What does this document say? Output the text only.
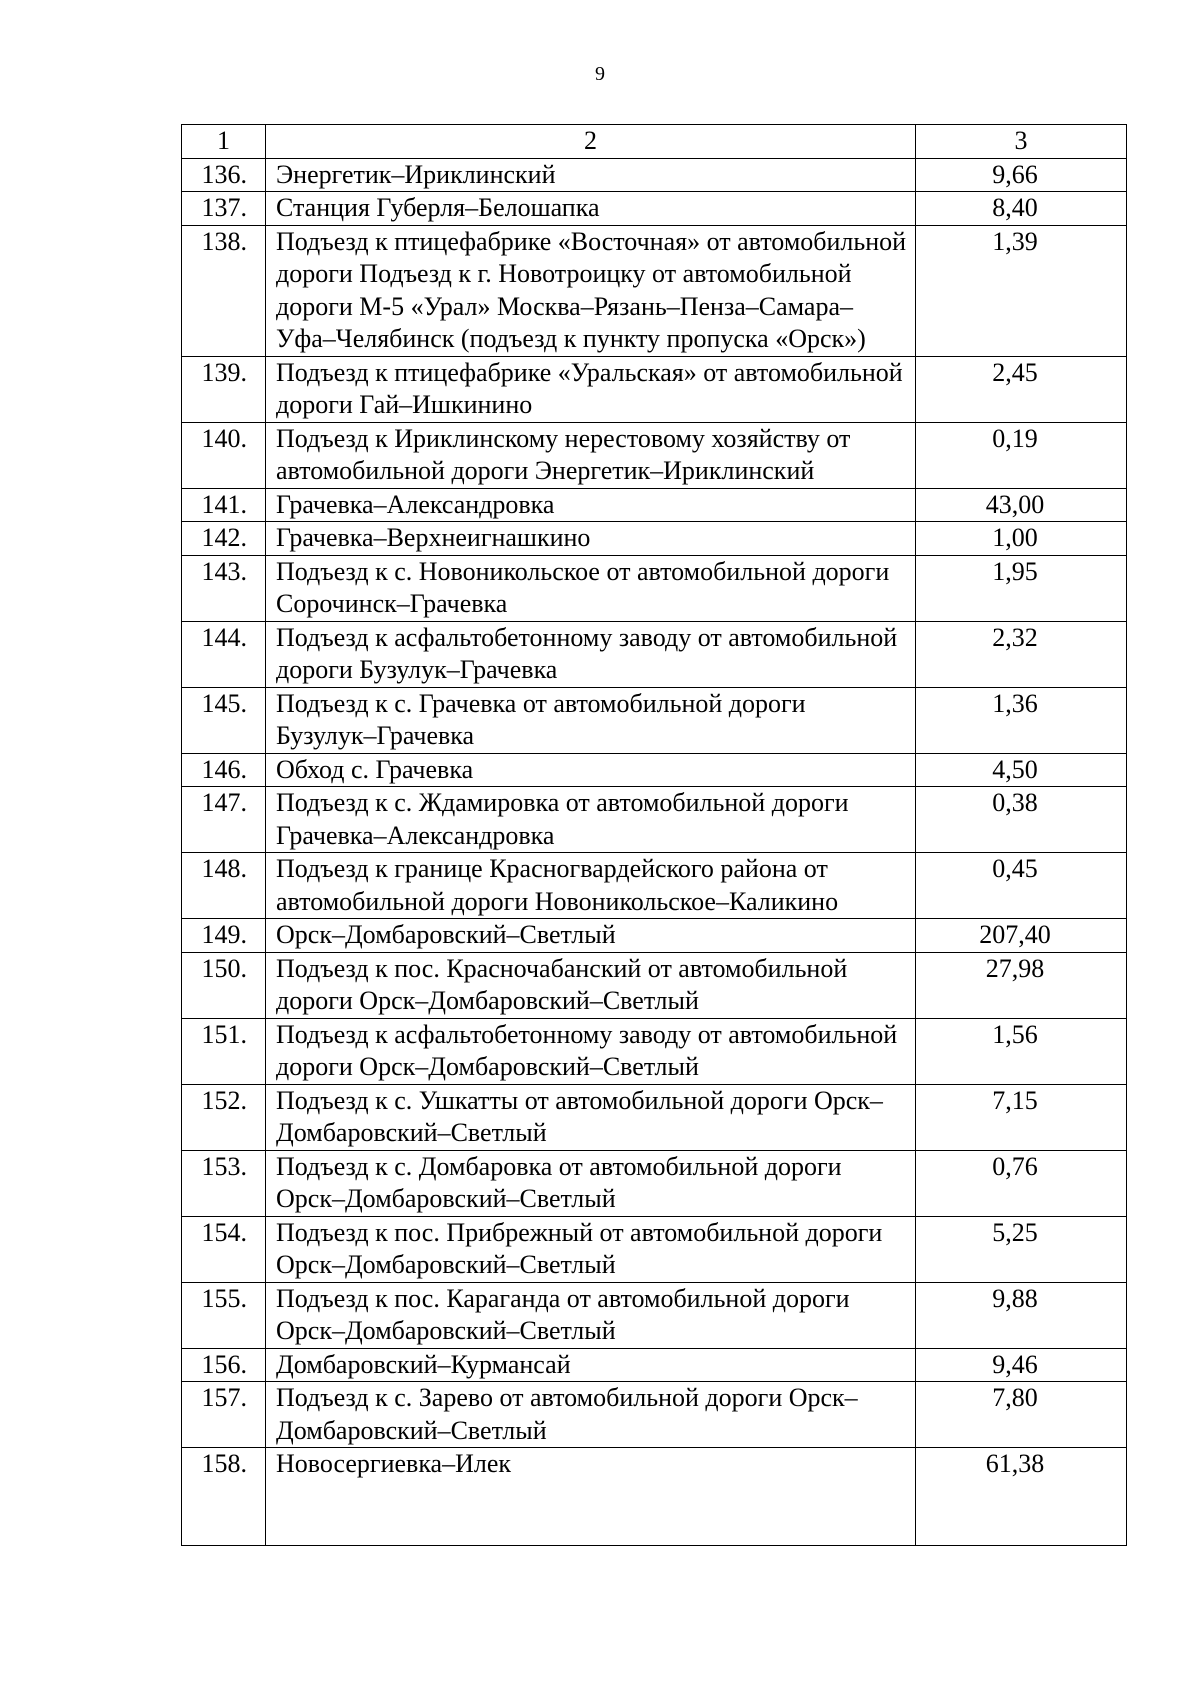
9
1	2	3
136.	Энергетик–Ириклинский	9,66
137.	Станция Губерля–Белошапка	8,40
138.	Подъезд к птицефабрике «Восточная» от автомобильной дороги Подъезд к г. Новотроицку от автомобильной дороги М-5 «Урал» Москва–Рязань–Пенза–Самара–Уфа–Челябинск (подъезд к пункту пропуска «Орск»)	1,39
139.	Подъезд к птицефабрике «Уральская» от автомобильной дороги Гай–Ишкинино	2,45
140.	Подъезд к Ириклинскому нерестовому хозяйству от автомобильной дороги Энергетик–Ириклинский	0,19
141.	Грачевка–Александровка	43,00
142.	Грачевка–Верхнеигнашкино	1,00
143.	Подъезд к с. Новоникольское от автомобильной дороги Сорочинск–Грачевка	1,95
144.	Подъезд к асфальтобетонному заводу от автомобильной дороги Бузулук–Грачевка	2,32
145.	Подъезд к с. Грачевка от автомобильной дороги Бузулук–Грачевка	1,36
146.	Обход с. Грачевка	4,50
147.	Подъезд к с. Ждамировка от автомобильной дороги Грачевка–Александровка	0,38
148.	Подъезд к границе Красногвардейского района от автомобильной дороги Новоникольское–Каликино	0,45
149.	Орск–Домбаровский–Светлый	207,40
150.	Подъезд к пос. Красночабанский от автомобильной дороги Орск–Домбаровский–Светлый	27,98
151.	Подъезд к асфальтобетонному заводу от автомобильной дороги Орск–Домбаровский–Светлый	1,56
152.	Подъезд к с. Ушкатты от автомобильной дороги Орск–Домбаровский–Светлый	7,15
153.	Подъезд к с. Домбаровка от автомобильной дороги Орск–Домбаровский–Светлый	0,76
154.	Подъезд к пос. Прибрежный от автомобильной дороги Орск–Домбаровский–Светлый	5,25
155.	Подъезд к пос. Караганда от автомобильной дороги Орск–Домбаровский–Светлый	9,88
156.	Домбаровский–Курмансай	9,46
157.	Подъезд к с. Зарево от автомобильной дороги Орск–Домбаровский–Светлый	7,80
158.	Новосергиевка–Илек	61,38
